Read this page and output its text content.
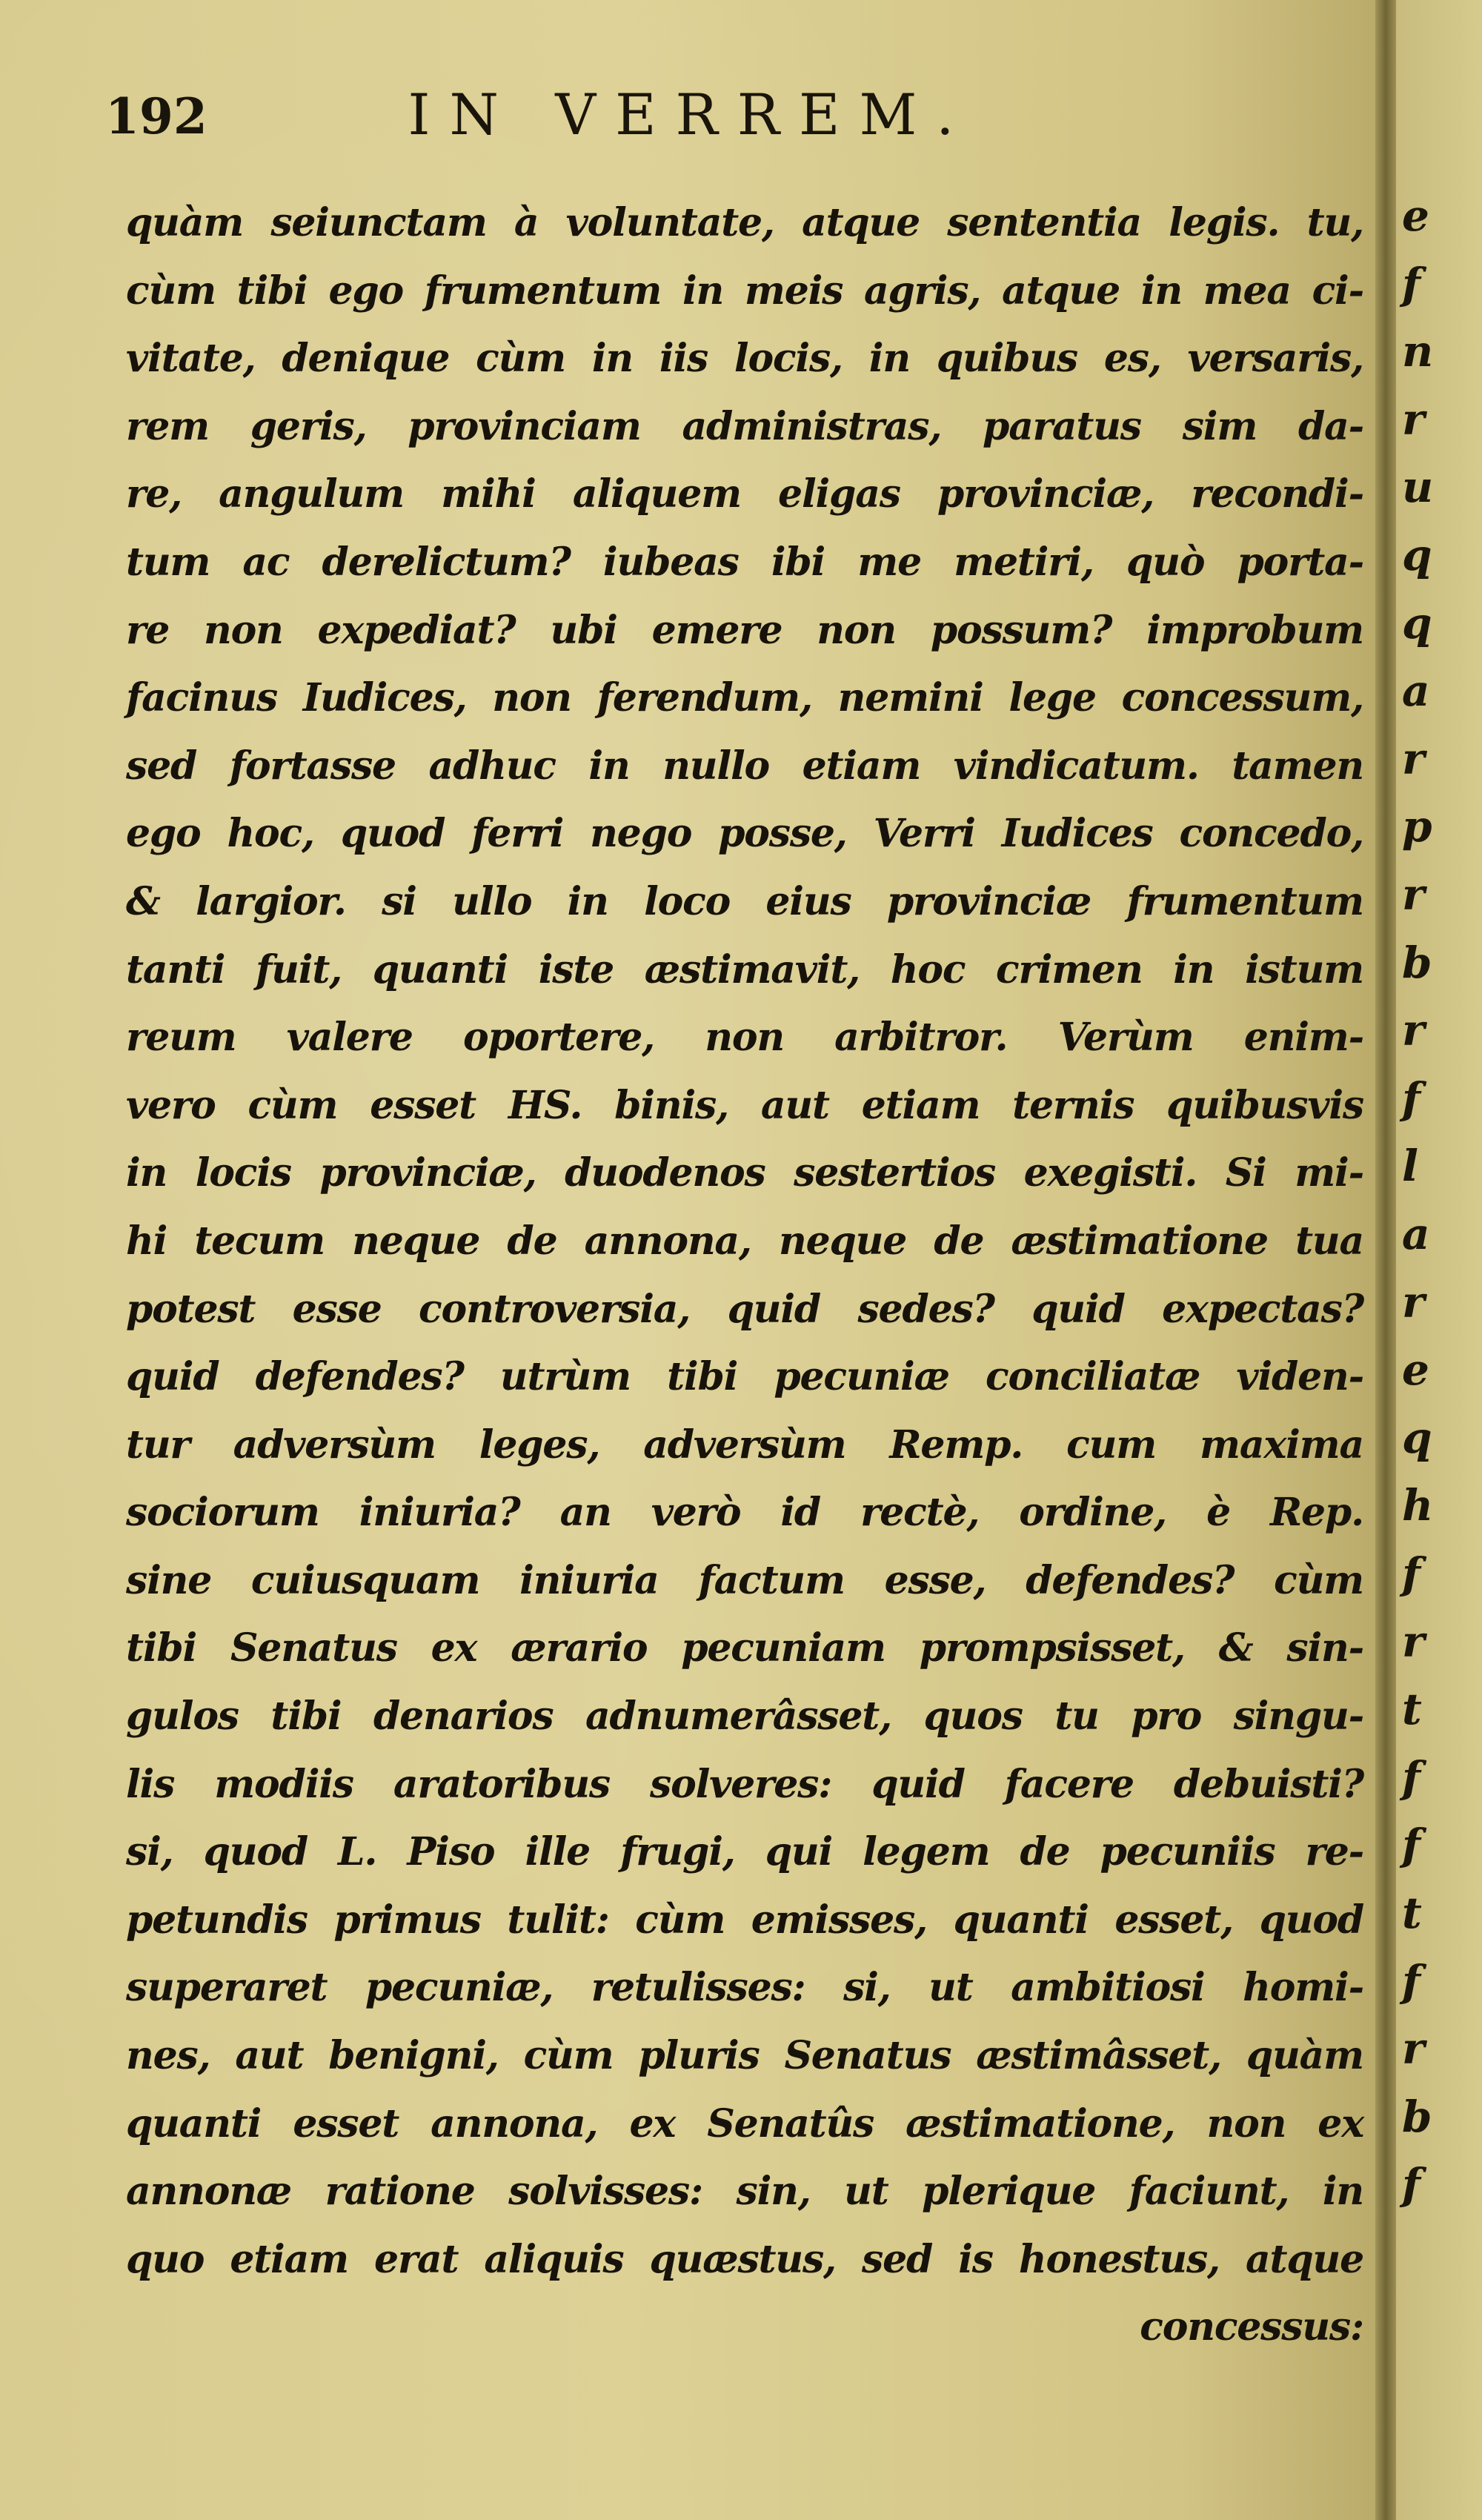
192	IN VERREM.
quàm seiunctam à voluntate, atque sententia legis. tu,
cùm tibi ego frumentum in meis agris, atque in mea ci-
vitate, denique cùm in iis locis, in quibus es, versaris,
rem geris, provinciam administras, paratus sim da-
re, angulum mihi aliquem eligas provinciæ, recondi-
tum ac derelictum? iubeas ibi me metiri, quò porta-
re non expediat? ubi emere non possum? improbum
facinus Iudices, non ferendum, nemini lege concessum,
sed fortasse adhuc in nullo etiam vindicatum. tamen
ego hoc, quod ferri nego posse, Verri Iudices concedo,
& largior. si ullo in loco eius provinciæ frumentum
tanti fuit, quanti iste æstimavit, hoc crimen in istum
reum valere oportere, non arbitror. Verùm enim-
vero cùm esset HS. binis, aut etiam ternis quibusvis
in locis provinciæ, duodenos sestertios exegisti. Si mi-
hi tecum neque de annona, neque de æstimatione tua
potest esse controversia, quid sedes? quid expectas?
quid defendes? utrùm tibi pecuniæ conciliatæ viden-
tur adversùm leges, adversùm Remp. cum maxima
sociorum iniuria? an verò id rectè, ordine, è Rep.
sine cuiusquam iniuria factum esse, defendes? cùm
tibi Senatus ex ærario pecuniam prompsisset, & sin-
gulos tibi denarios adnumerâsset, quos tu pro singu-
lis modiis aratoribus solveres: quid facere debuisti?
si, quod L. Piso ille frugi, qui legem de pecuniis re-
petundis primus tulit: cùm emisses, quanti esset, quod
superaret pecuniæ, retulisses: si, ut ambitiosi homi-
nes, aut benigni, cùm pluris Senatus æstimâsset, quàm
quanti esset annona, ex Senatûs æstimatione, non ex
annonæ ratione solvisses: sin, ut plerique faciunt, in
quo etiam erat aliquis quæstus, sed is honestus, atque
concessus:
e
f
n
r
u
q
q
a
r
p
r
b
r
f
l
a
r
e
q
h
f
r
t
f
f
t
f
r
b
f
